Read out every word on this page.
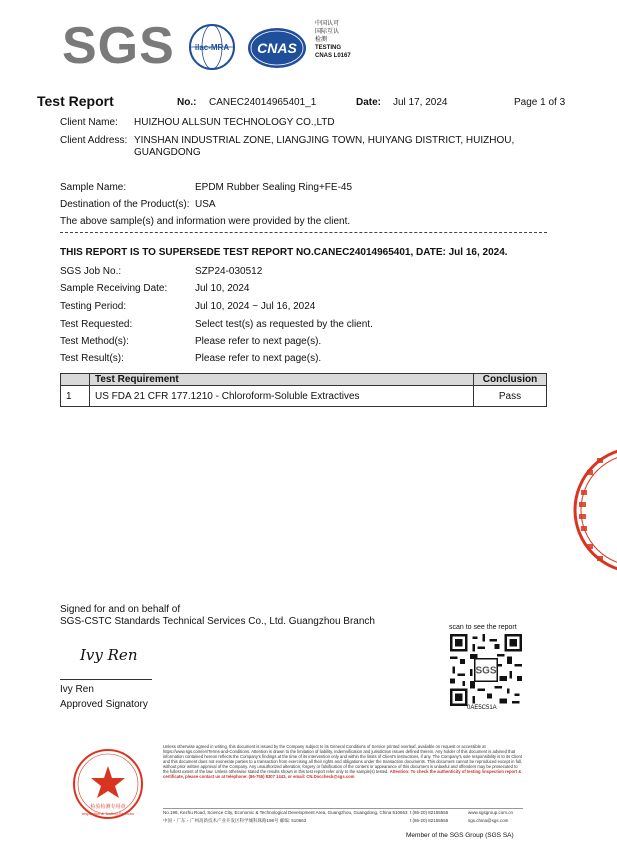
SGS	ilac-MRA CNAS
中国认可
国际互认
检测
TESTING
CNAS L0167
Test Report	No.: CANEC24014965401_1	Date: Jul 17, 2024	Page 1 of 3
Client Name: HUIZHOU ALLSUN TECHNOLOGY CO.,LTD
Client Address: YINSHAN INDUSTRIAL ZONE, LIANGJING TOWN, HUIYANG DISTRICT, HUIZHOU,
GUANGDONG
Sample Name:	EPDM Rubber Sealing Ring+FE-45
Destination of the Product(s): USA
The above sample(s) and information were provided by the client.
THIS REPORT IS TO SUPERSEDE TEST REPORT NO.CANEC24014965401, DATE: Jul 16, 2024.
SGS Job No.:	SZP24-030512
Sample Receiving Date:	Jul 10, 2024
Testing Period:	Jul 10, 2024 ~ Jul 16, 2024
Test Requested:	Select test(s) as requested by the client.
Test Method(s):	Please refer to next page(s).
Test Result(s):	Please refer to next page(s).
	Test Requirement	Conclusion
1	US FDA 21 CFR 177.1210 - Chloroform-Soluble Extractives	Pass
Signed for and on behalf of
SGS-CSTC Standards Technical Services Co., Ltd. Guangzhou Branch
Ivy Ren
Ivy Ren
Approved Signatory
scan to see the report
SGS
0AE5C51A
检验检测专用章
Inspection & Testing Services
Unless otherwise agreed in writing, this document is issued by the Company subject to its General Conditions of Service printed overleaf, available on request or accessible at https://www.sgs.com/en/Terms-and-Conditions. Attention is drawn to the limitation of liability, indemnification and jurisdiction issues defined therein. Any holder of this document is advised that information contained hereon reflects the Company's findings at the time of its intervention only and within the limits of Client's instructions, if any. The Company's sole responsibility is to its Client and this document does not exonerate parties to a transaction from exercising all their rights and obligations under the transaction documents. This document cannot be reproduced except in full, without prior written approval of the Company. Any unauthorized alteration, forgery or falsification of the content or appearance of this document is unlawful and offenders may be prosecuted to the fullest extent of the law. Unless otherwise stated the results shown in this test report refer only to the sample(s) tested. Attention: To check the authenticity of testing /inspection report & certificate, please contact us at telephone: (86-755) 8307 1443, or email: CN.Doccheck@sgs.com
No.198, Kezhu Road, Science City, Economic & Technological Development Area, Guangzhou, Guangdong, China 510663
中国・广东・广州高新技术产业开发区科学城科珠路198号 邮编: 510663
t (86-20) 82155555
t (86-20) 82155555
www.sgsgroup.com.cn
sgs.china@sgs.com
Member of the SGS Group (SGS SA)
